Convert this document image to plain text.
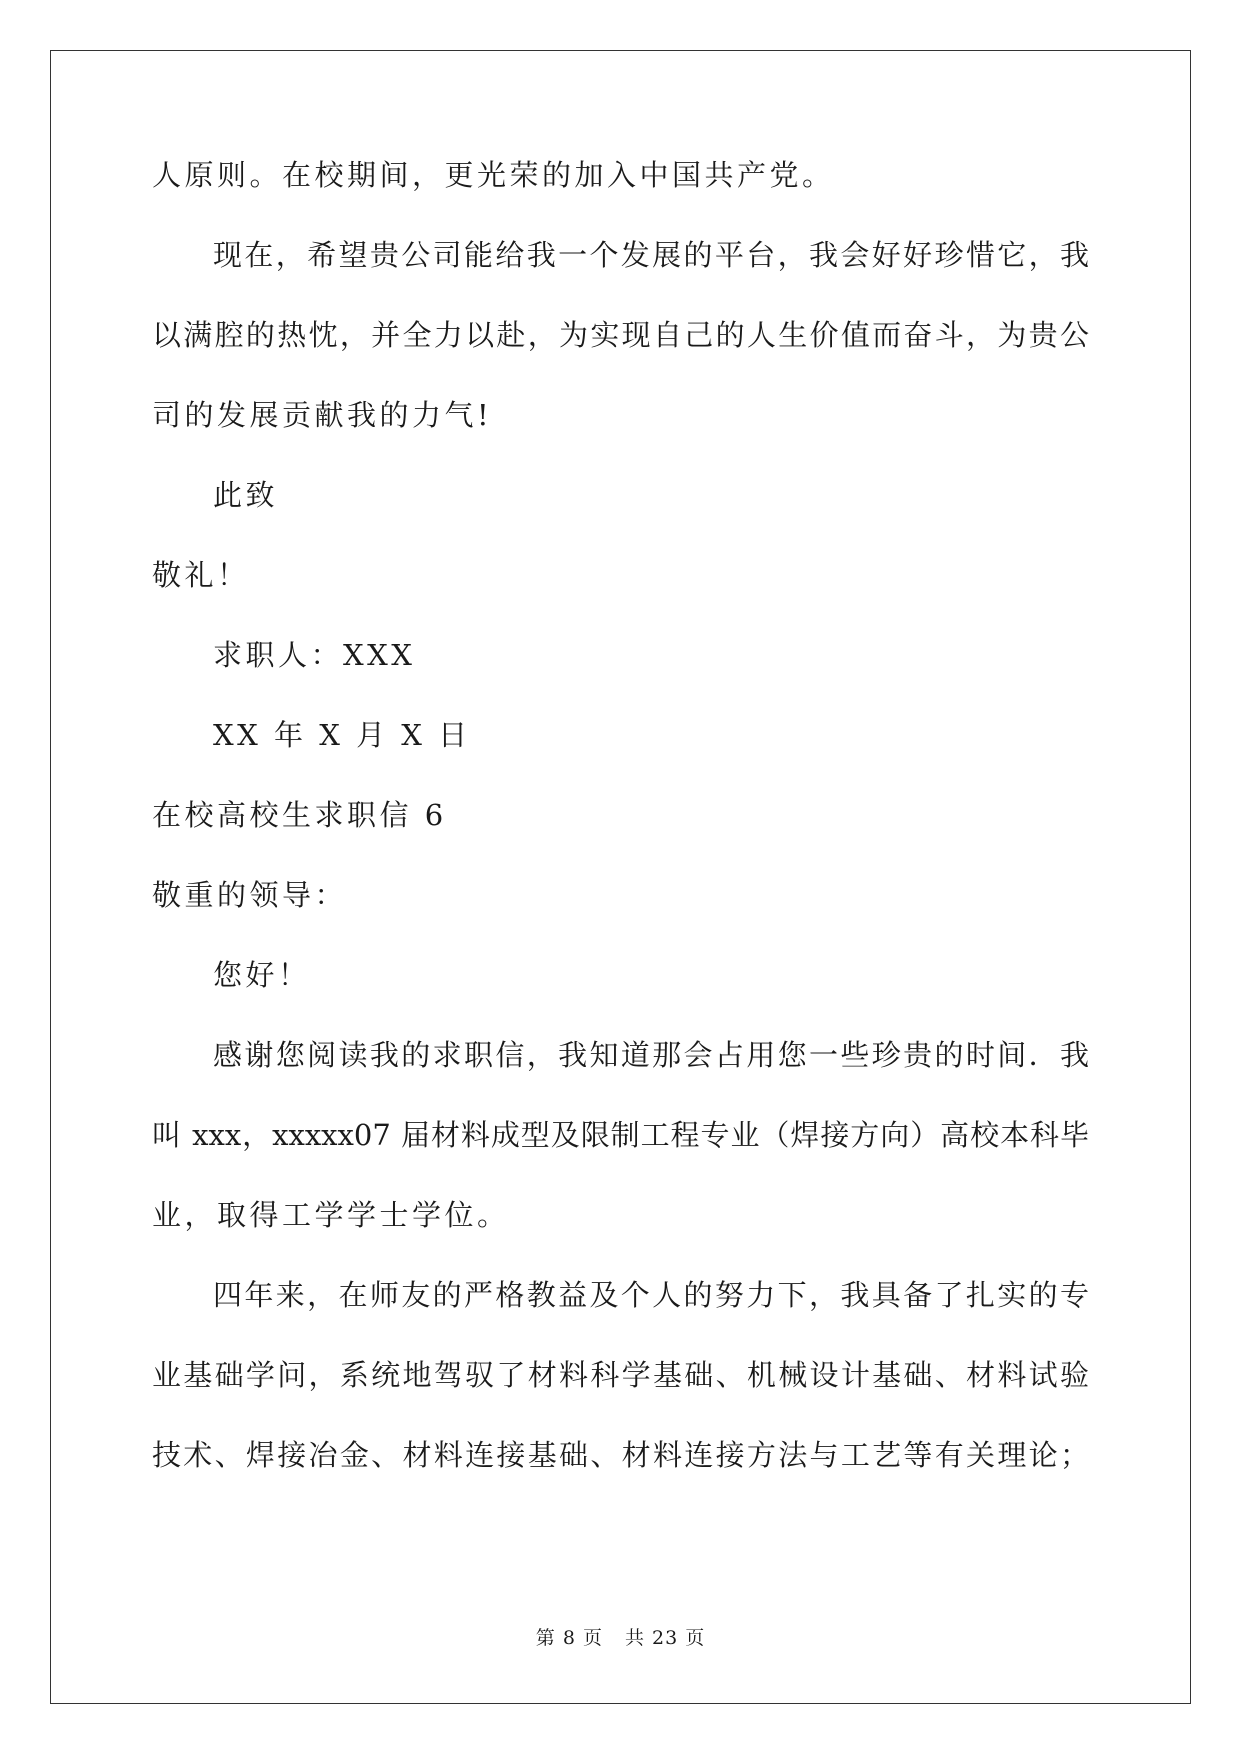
人原则。在校期间，更光荣的加入中国共产党。
现在，希望贵公司能给我一个发展的平台，我会好好珍惜它，我
以满腔的热忱，并全力以赴，为实现自己的人生价值而奋斗，为贵公
司的发展贡献我的力气!
此致
敬礼！
求职人：XXX
XX 年 X 月 X 日
在校高校生求职信 6
敬重的领导：
您好！
感谢您阅读我的求职信，我知道那会占用您一些珍贵的时间．我
叫 xxx，xxxxx07 届材料成型及限制工程专业（焊接方向）高校本科毕
业，取得工学学士学位。
四年来，在师友的严格教益及个人的努力下，我具备了扎实的专
业基础学问，系统地驾驭了材料科学基础、机械设计基础、材料试验
技术、焊接冶金、材料连接基础、材料连接方法与工艺等有关理论；
第 8 页 共 23 页
